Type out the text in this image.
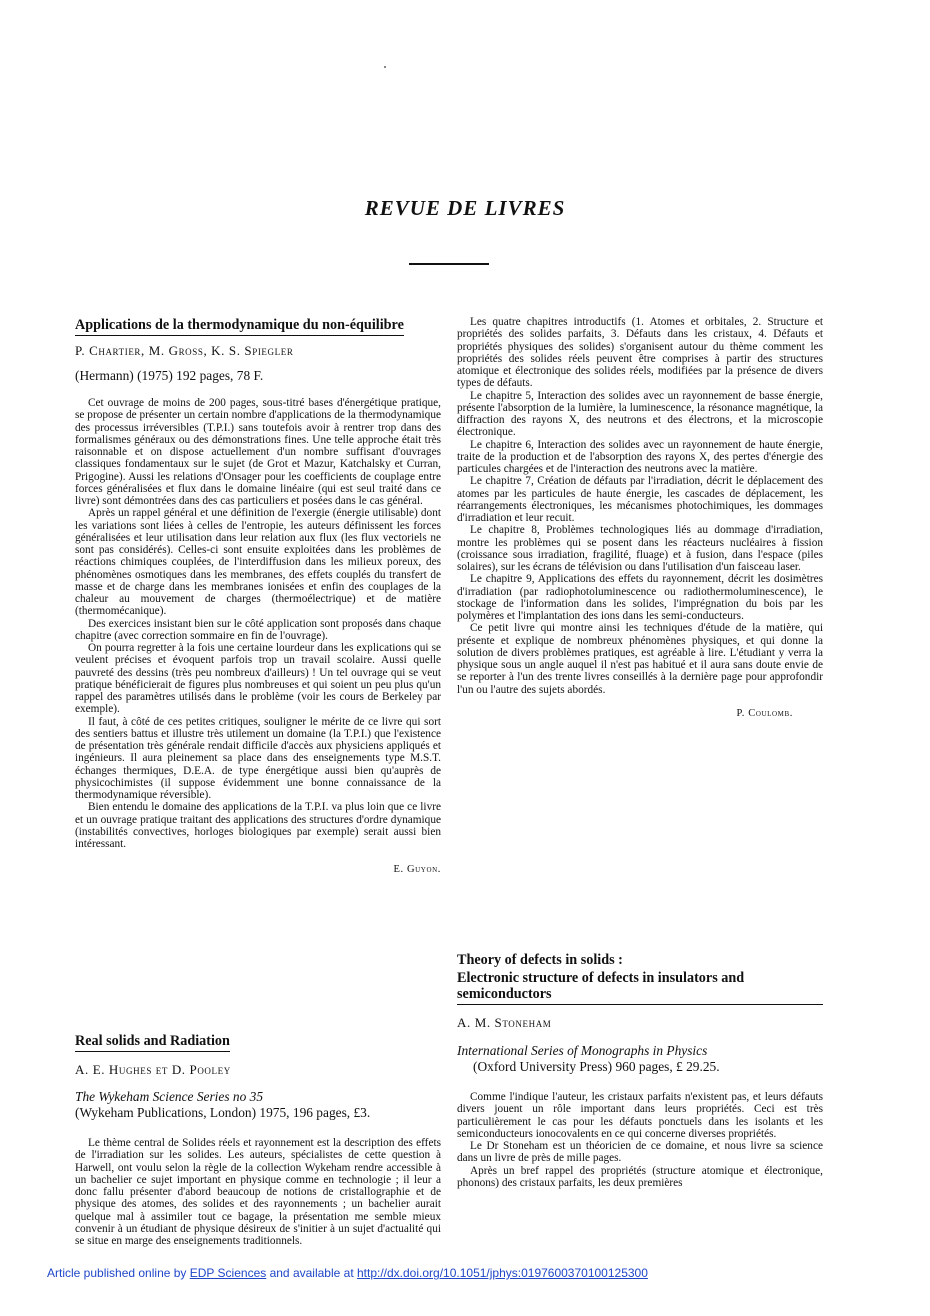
REVUE DE LIVRES
Applications de la thermodynamique du non-équilibre

P. Chartier, M. Gross, K. S. Spiegler

(Hermann) (1975) 192 pages, 78 F.

Cet ouvrage de moins de 200 pages, sous-titré bases d'énergétique pratique, se propose de présenter un certain nombre d'applications de la thermodynamique des processus irréversibles (T.P.I.) sans toutefois avoir à rentrer trop dans des formalismes généraux ou des démonstrations fines. Une telle approche était très raisonnable et on dispose actuellement d'un nombre suffisant d'ouvrages classiques fondamentaux sur le sujet (de Grot et Mazur, Katchalsky et Curran, Prigogine). Aussi les relations d'Onsager pour les coefficients de couplage entre forces généralisées et flux dans le domaine linéaire (qui est seul traité dans ce livre) sont démontrées dans des cas particuliers et posées dans le cas général.

Après un rappel général et une définition de l'exergie (énergie utilisable) dont les variations sont liées à celles de l'entropie, les auteurs définissent les forces généralisées et leur utilisation dans leur relation aux flux (les flux vectoriels ne sont pas considérés). Celles-ci sont ensuite exploitées dans les problèmes de réactions chimiques couplées, de l'interdiffusion dans les milieux poreux, des phénomènes osmotiques dans les membranes, des effets couplés du transfert de masse et de charge dans les membranes ionisées et enfin des couplages de la chaleur au mouvement de charges (thermoélectrique) et de matière (thermomécanique).

Des exercices insistant bien sur le côté application sont proposés dans chaque chapitre (avec correction sommaire en fin de l'ouvrage).

On pourra regretter à la fois une certaine lourdeur dans les explications qui se veulent précises et évoquent parfois trop un travail scolaire. Aussi quelle pauvreté des dessins (très peu nombreux d'ailleurs) ! Un tel ouvrage qui se veut pratique bénéficierait de figures plus nombreuses et qui soient un peu plus qu'un rappel des paramètres utilisés dans le problème (voir les cours de Berkeley par exemple).

Il faut, à côté de ces petites critiques, souligner le mérite de ce livre qui sort des sentiers battus et illustre très utilement un domaine (la T.P.I.) que l'existence de présentation très générale rendait difficile d'accès aux physiciens appliqués et ingénieurs. Il aura pleinement sa place dans des enseignements type M.S.T. échanges thermiques, D.E.A. de type énergétique aussi bien qu'auprès de physicochimistes (il suppose évidemment une bonne connaissance de la thermodynamique réversible).

Bien entendu le domaine des applications de la T.P.I. va plus loin que ce livre et un ouvrage pratique traitant des applications des structures d'ordre dynamique (instabilités convectives, horloges biologiques par exemple) serait aussi bien intéressant.

E. Guyon.

Real solids and Radiation

A. E. Hughes et D. Pooley

The Wykeham Science Series no 35

(Wykeham Publications, London) 1975, 196 pages, £3.

Le thème central de Solides réels et rayonnement est la description des effets de l'irradiation sur les solides. Les auteurs, spécialistes de cette question à Harwell, ont voulu selon la règle de la collection Wykeham rendre accessible à un bachelier ce sujet important en physique comme en technologie ; il leur a donc fallu présenter d'abord beaucoup de notions de cristallographie et de physique des atomes, des solides et des rayonnements ; un bachelier aurait quelque mal à assimiler tout ce bagage, la présentation me semble mieux convenir à un étudiant de physique désireux de s'initier à un sujet d'actualité qui se situe en marge des enseignements traditionnels.

Les quatre chapitres introductifs (1. Atomes et orbitales, 2. Structure et propriétés des solides parfaits, 3. Défauts dans les cristaux, 4. Défauts et propriétés physiques des solides) s'organisent autour du thème comment les propriétés des solides réels peuvent être comprises à partir des structures atomique et électronique des solides réels, modifiées par la présence de divers types de défauts.

Le chapitre 5, Interaction des solides avec un rayonnement de basse énergie, présente l'absorption de la lumière, la luminescence, la résonance magnétique, la diffraction des rayons X, des neutrons et des électrons, et la microscopie électronique.

Le chapitre 6, Interaction des solides avec un rayonnement de haute énergie, traite de la production et de l'absorption des rayons X, des pertes d'énergie des particules chargées et de l'interaction des neutrons avec la matière.

Le chapitre 7, Création de défauts par l'irradiation, décrit le déplacement des atomes par les particules de haute énergie, les cascades de déplacement, les réarrangements électroniques, les mécanismes photochimiques, les dommages d'irradiation et leur recuit.

Le chapitre 8, Problèmes technologiques liés au dommage d'irradiation, montre les problèmes qui se posent dans les réacteurs nucléaires à fission (croissance sous irradiation, fragilité, fluage) et à fusion, dans l'espace (piles solaires), sur les écrans de télévision ou dans l'utilisation d'un faisceau laser.

Le chapitre 9, Applications des effets du rayonnement, décrit les dosimètres d'irradiation (par radiophotoluminescence ou radiothermoluminescence), le stockage de l'information dans les solides, l'imprégnation du bois par les polymères et l'implantation des ions dans les semi-conducteurs.

Ce petit livre qui montre ainsi les techniques d'étude de la matière, qui présente et explique de nombreux phénomènes physiques, et qui donne la solution de divers problèmes pratiques, est agréable à lire. L'étudiant y verra la physique sous un angle auquel il n'est pas habitué et il aura sans doute envie de se reporter à l'un des trente livres conseillés à la dernière page pour approfondir l'un ou l'autre des sujets abordés.

P. Coulomb.

Theory of defects in solids :
Electronic structure of defects in insulators and semiconductors

A. M. Stoneham

International Series of Monographs in Physics

(Oxford University Press) 960 pages, £ 29.25.

Comme l'indique l'auteur, les cristaux parfaits n'existent pas, et leurs défauts divers jouent un rôle important dans leurs propriétés. Ceci est très particulièrement le cas pour les défauts ponctuels dans les isolants et les semiconducteurs ionocovalents en ce qui concerne diverses propriétés.

Le Dr Stoneham est un théoricien de ce domaine, et nous livre sa science dans un livre de près de mille pages.

Après un bref rappel des propriétés (structure atomique et électronique, phonons) des cristaux parfaits, les deux premières

Article published online by EDP Sciences and available at http://dx.doi.org/10.1051/jphys:0197600370100125300
